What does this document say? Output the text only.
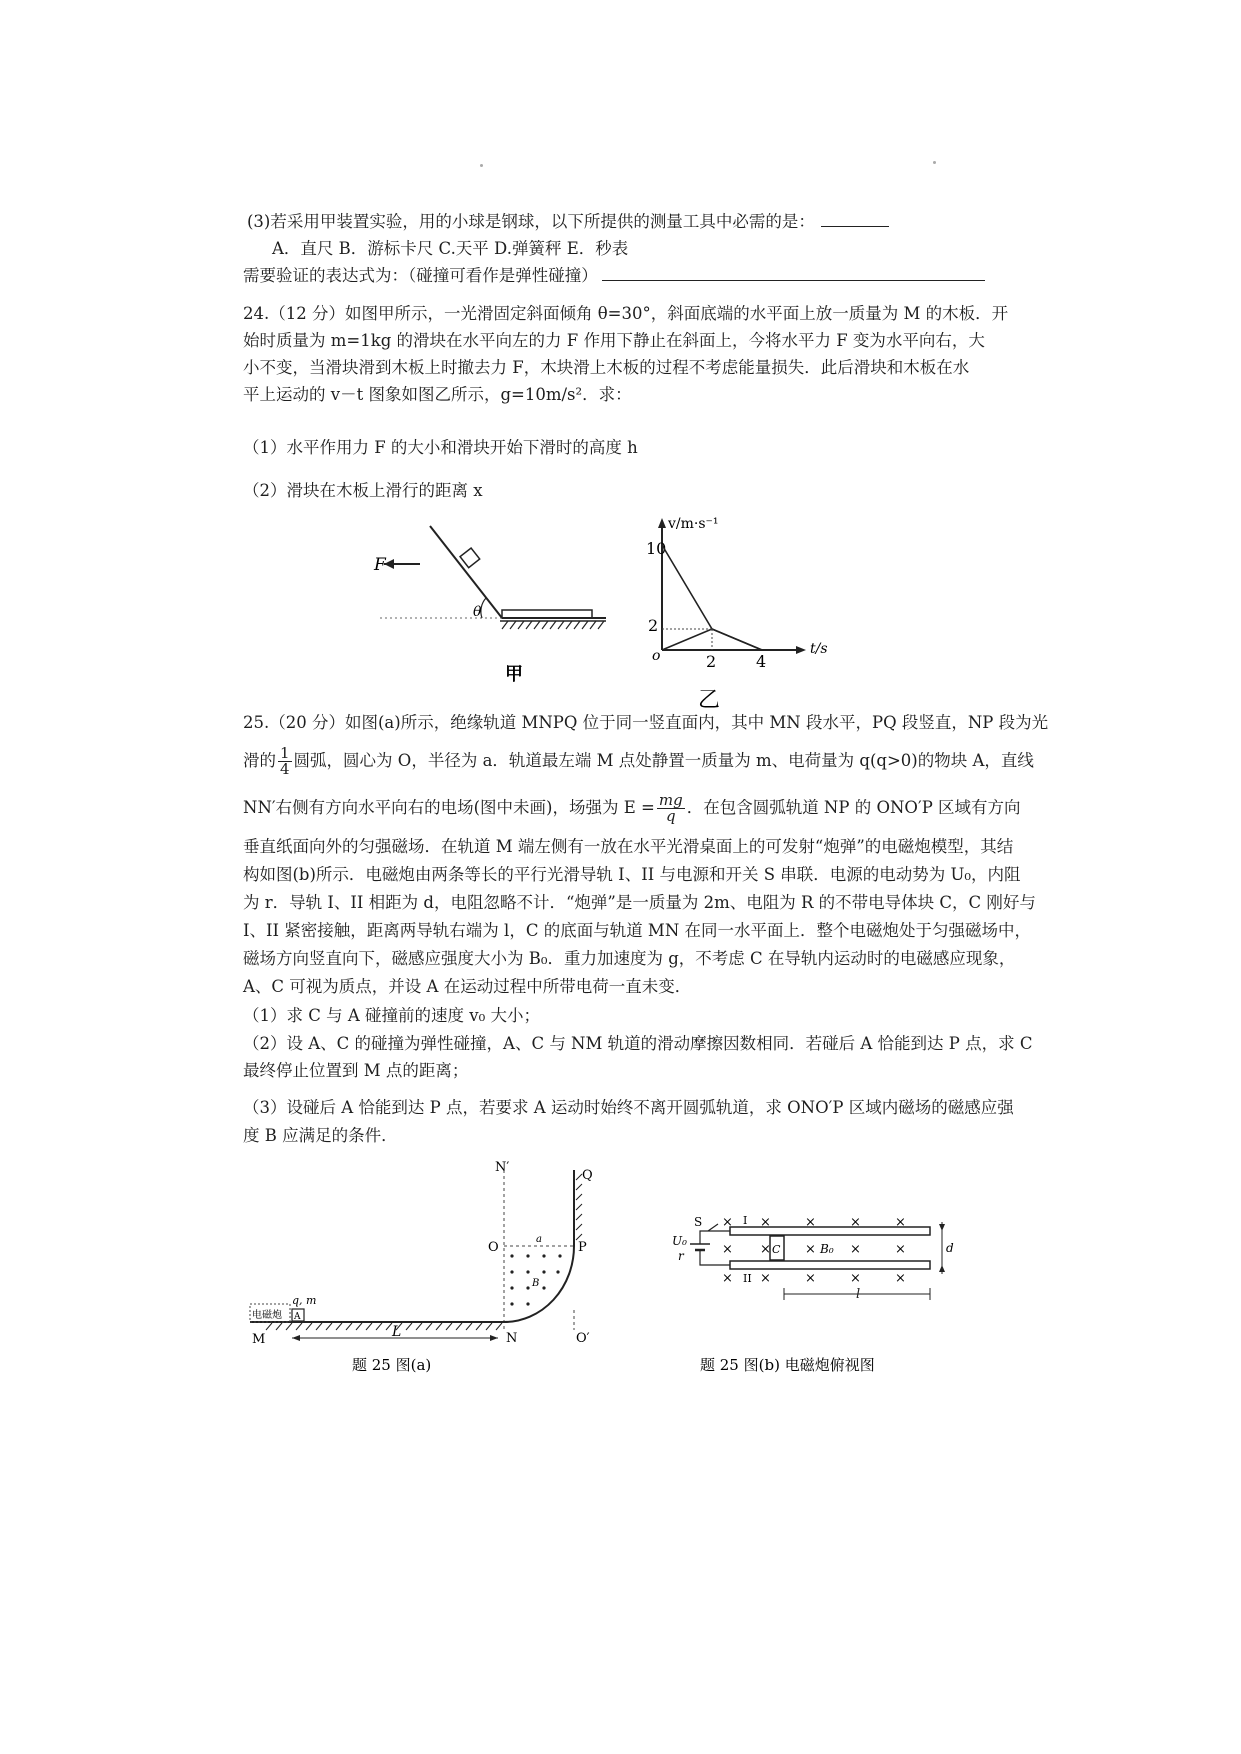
(3)若采用甲装置实验，用的小球是钢球，以下所提供的测量工具中必需的是：
A．直尺 B．游标卡尺 C.天平 D.弹簧秤 E．秒表
需要验证的表达式为：（碰撞可看作是弹性碰撞）
24.（12 分）如图甲所示，一光滑固定斜面倾角 θ=30°，斜面底端的水平面上放一质量为 M 的木板．开
始时质量为 m=1kg 的滑块在水平向左的力 F 作用下静止在斜面上，今将水平力 F 变为水平向右，大
小不变，当滑块滑到木板上时撤去力 F，木块滑上木板的过程不考虑能量损失．此后滑块和木板在水
平上运动的 v－t 图象如图乙所示，g=10m/s²．求：
（1）水平作用力 F 的大小和滑块开始下滑时的高度 h
（2）滑块在木板上滑行的距离 x
F
θ
甲
v/m·s⁻¹
t/s
o
10
2
2 4
乙
25.（20 分）如图(a)所示，绝缘轨道 MNPQ 位于同一竖直面内，其中 MN 段水平，PQ 段竖直，NP 段为光
滑的 $\frac{1}{4}$ 圆弧，圆心为 O，半径为 a．轨道最左端 M 点处静置一质量为 m、电荷量为 q(q>0)的物块 A，直线
NN′右侧有方向水平向右的电场(图中未画)，场强为 $E = \frac{mg}{q}$ ．在包含圆弧轨道 NP 的 ONO′P 区域有方向
垂直纸面向外的匀强磁场．在轨道 M 端左侧有一放在水平光滑桌面上的可发射“炮弹”的电磁炮模型，其结
构如图(b)所示．电磁炮由两条等长的平行光滑导轨 I、II 与电源和开关 S 串联．电源的电动势为 U₀，内阻
为 r．导轨 I、II 相距为 d，电阻忽略不计．“炮弹”是一质量为 2m、电阻为 R 的不带电导体块 C，C 刚好与
I、II 紧密接触，距离两导轨右端为 l，C 的底面与轨道 MN 在同一水平面上．整个电磁炮处于匀强磁场中，
磁场方向竖直向下，磁感应强度大小为 B₀．重力加速度为 g，不考虑 C 在导轨内运动时的电磁感应现象，
A、C 可视为质点，并设 A 在运动过程中所带电荷一直未变．
（1）求 C 与 A 碰撞前的速度 v₀ 大小；
（2）设 A、C 的碰撞为弹性碰撞，A、C 与 NM 轨道的滑动摩擦因数相同．若碰后 A 恰能到达 P 点，求 C
最终停止位置到 M 点的距离；
（3）设碰后 A 恰能到达 P 点，若要求 A 运动时始终不离开圆弧轨道，求 ONO′P 区域内磁场的磁感应强
度 B 应满足的条件．
电磁炮 A
q, m
N′
Q
O
a
P
B
M	L	N	O′
题 25 图(a)
S
U₀
r	C
I
II
B₀
× ×	×	×	×
× ×	×	×	×
× ×	×	×	×
d
l
题 25 图(b) 电磁炮俯视图
